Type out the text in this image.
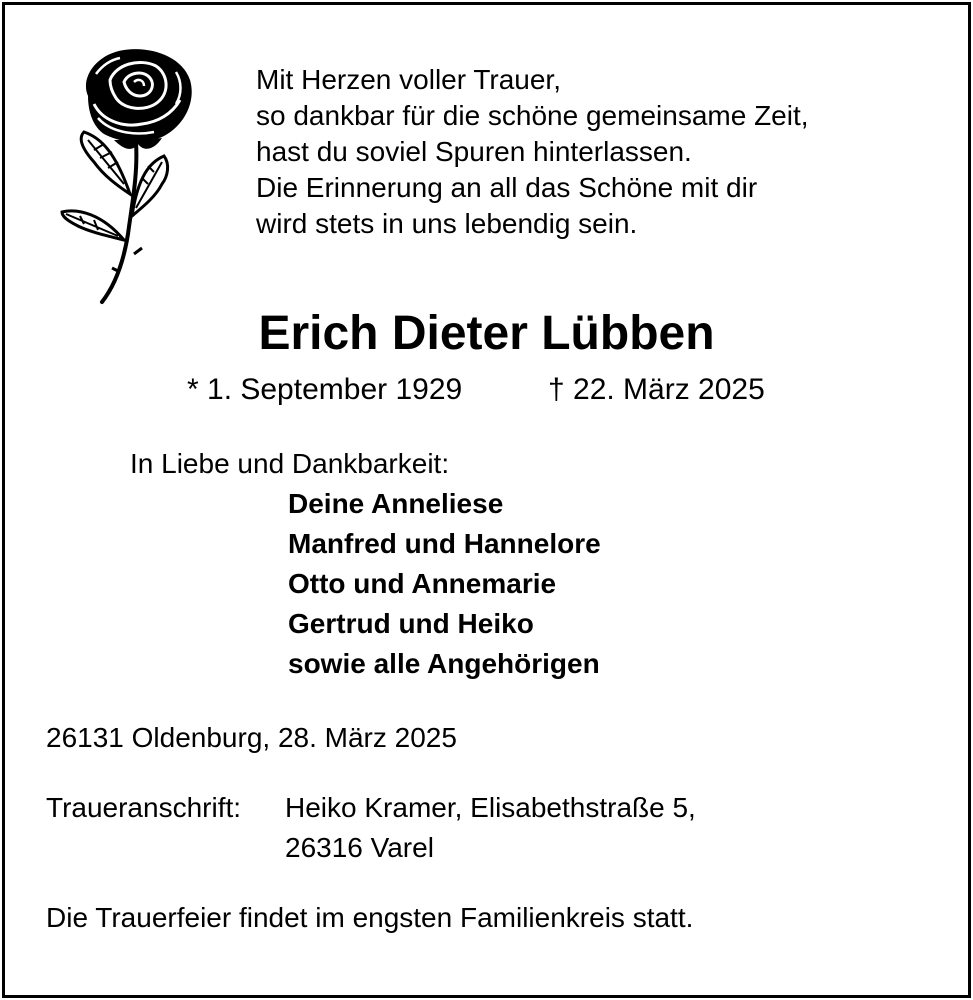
Mit Herzen voller Trauer,
so dankbar für die schöne gemeinsame Zeit,
hast du soviel Spuren hinterlassen.
Die Erinnerung an all das Schöne mit dir
wird stets in uns lebendig sein.
Erich Dieter Lübben
* 1. September 1929	† 22. März 2025
In Liebe und Dankbarkeit:
Deine Anneliese
Manfred und Hannelore
Otto und Annemarie
Gertrud und Heiko
sowie alle Angehörigen
26131 Oldenburg, 28. März 2025
Traueranschrift: Heiko Kramer, Elisabethstraße 5,
26316 Varel
Die Trauerfeier findet im engsten Familienkreis statt.
